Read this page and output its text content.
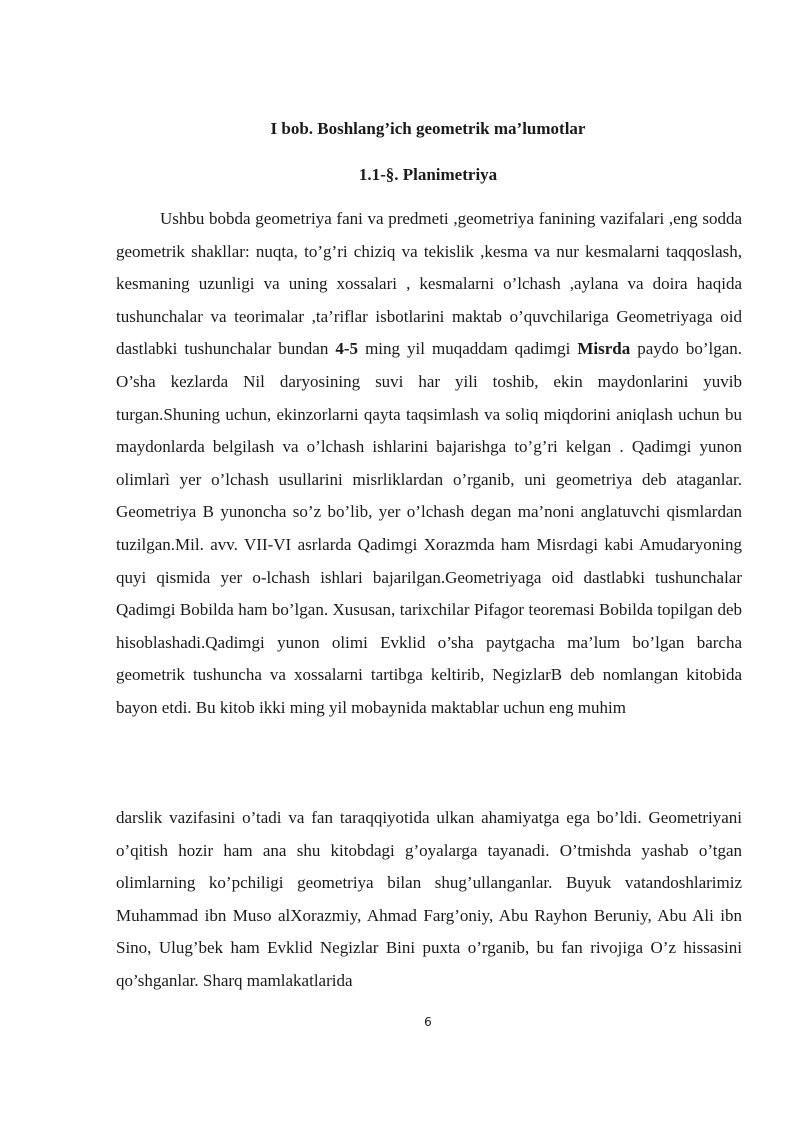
I bob. Boshlang’ich geometrik ma’lumotlar
1.1-§. Planimetriya

Ushbu bobda geometriya fani va predmeti ,geometriya fanining vazifalari ,eng sodda geometrik shakllar: nuqta, to’g’ri chiziq va tekislik ,kesma va nur kesmalarni taqqoslash, kesmaning uzunligi va uning xossalari , kesmalarni o’lchash ,aylana va doira haqida tushunchalar va teorimalar ,ta’riflar isbotlarini maktab o’quvchilariga Geometriyaga oid dastlabki tushunchalar bundan 4-5 ming yil muqaddam qadimgi Misrda paydo bo’lgan. O’sha kezlarda Nil daryosining suvi har yili toshib, ekin maydonlarini yuvib turgan.Shuning uchun, ekinzorlarni qayta taqsimlash va soliq miqdorini aniqlash uchun bu maydonlarda belgilash va o’lchash ishlarini bajarishga to’g’ri kelgan . Qadimgi yunon olimlarì yer o’lchash usullarini misrliklardan o’rganib, uni geometriya deb ataganlar. Geometriya B yunoncha so’z bo’lib, yer o’lchash degan ma’noni anglatuvchi qismlardan tuzilgan.Mil. avv. VII-VI asrlarda Qadimgi Xorazmda ham Misrdagi kabi Amudaryoning quyi qismida yer o-lchash ishlari bajarilgan.Geometriyaga oid dastlabki tushunchalar Qadimgi Bobilda ham bo’lgan. Xususan, tarixchilar Pifagor teoremasi Bobilda topilgan deb hisoblashadi.Qadimgi yunon olimi Evklid o’sha paytgacha ma’lum bo’lgan barcha geometrik tushuncha va xossalarni tartibga keltirib, NegizlarB deb nomlangan kitobida bayon etdi. Bu kitob ikki ming yil mobaynida maktablar uchun eng muhim

darslik vazifasini o’tadi va fan taraqqiyotida ulkan ahamiyatga ega bo’ldi. Geometriyani o’qitish hozir ham ana shu kitobdagi g’oyalarga tayanadi. O’tmishda yashab o’tgan olimlarning ko’pchiligi geometriya bilan shug’ullanganlar. Buyuk vatandoshlarimiz Muhammad ibn Muso alXorazmiy, Ahmad Farg’oniy, Abu Rayhon Beruniy, Abu Ali ibn Sino, Ulug’bek ham Evklid Negizlar Bini puxta o’rganib, bu fan rivojiga O’z hissasini qo’shganlar. Sharq mamlakatlarida

6
